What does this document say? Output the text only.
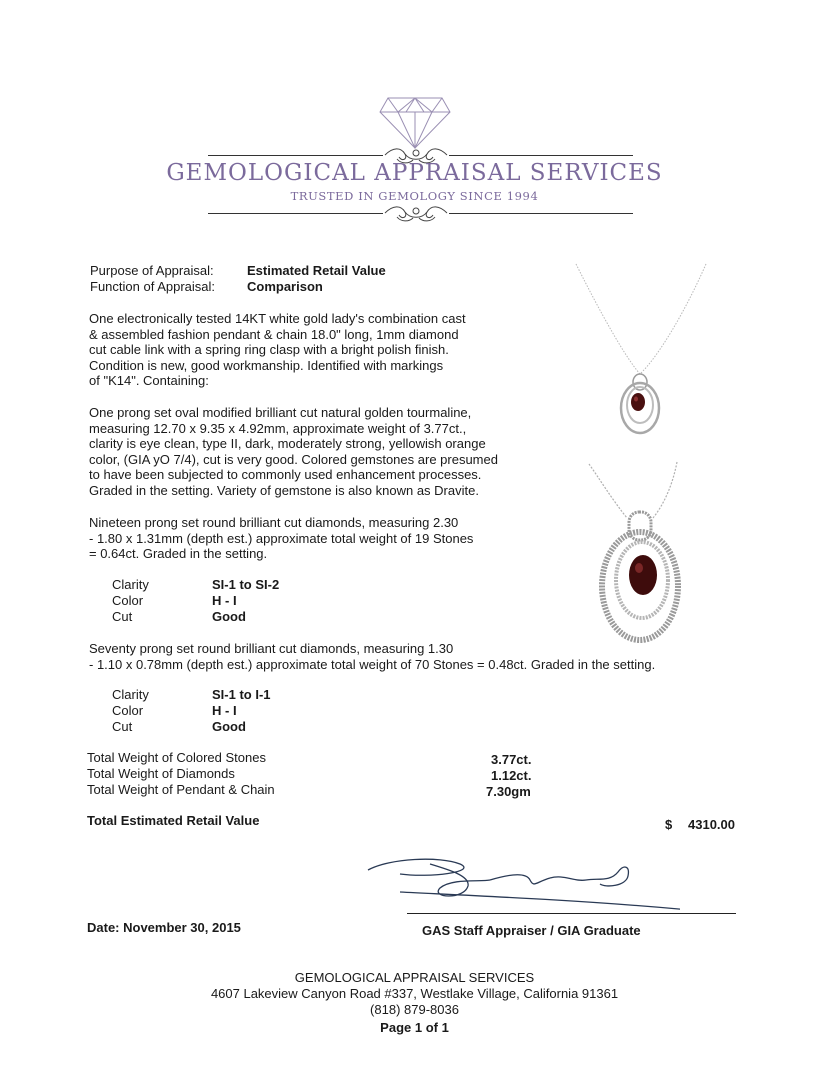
GEMOLOGICAL APPRAISAL SERVICES
TRUSTED IN GEMOLOGY SINCE 1994
Purpose of Appraisal:	Estimated Retail Value
Function of Appraisal: Comparison
One electronically tested 14KT white gold lady's combination cast
& assembled fashion pendant & chain 18.0" long, 1mm diamond
cut cable link with a spring ring clasp with a bright polish finish.
Condition is new, good workmanship. Identified with markings
of "K14". Containing:
One prong set oval modified brilliant cut natural golden tourmaline,
measuring 12.70 x 9.35 x 4.92mm, approximate weight of 3.77ct.,
clarity is eye clean, type II, dark, moderately strong, yellowish orange
color, (GIA yO 7/4), cut is very good. Colored gemstones are presumed
to have been subjected to commonly used enhancement processes.
Graded in the setting. Variety of gemstone is also known as Dravite.
Nineteen prong set round brilliant cut diamonds, measuring 2.30
- 1.80 x 1.31mm (depth est.) approximate total weight of 19 Stones
= 0.64ct. Graded in the setting.
Clarity	SI-1 to SI-2
Color	H - I
Cut	Good
Seventy prong set round brilliant cut diamonds, measuring 1.30
- 1.10 x 0.78mm (depth est.) approximate total weight of 70 Stones = 0.48ct. Graded in the setting.
Clarity	SI-1 to I-1
Color	H - I
Cut	Good
Total Weight of Colored Stones	3.77ct.
Total Weight of Diamonds	1.12ct.
Total Weight of Pendant & Chain	7.30gm
Total Estimated Retail Value	$ 4310.00
Date: November 30, 2015	GAS Staff Appraiser / GIA Graduate
GEMOLOGICAL APPRAISAL SERVICES
4607 Lakeview Canyon Road #337, Westlake Village, California 91361
(818) 879-8036
Page 1 of 1
